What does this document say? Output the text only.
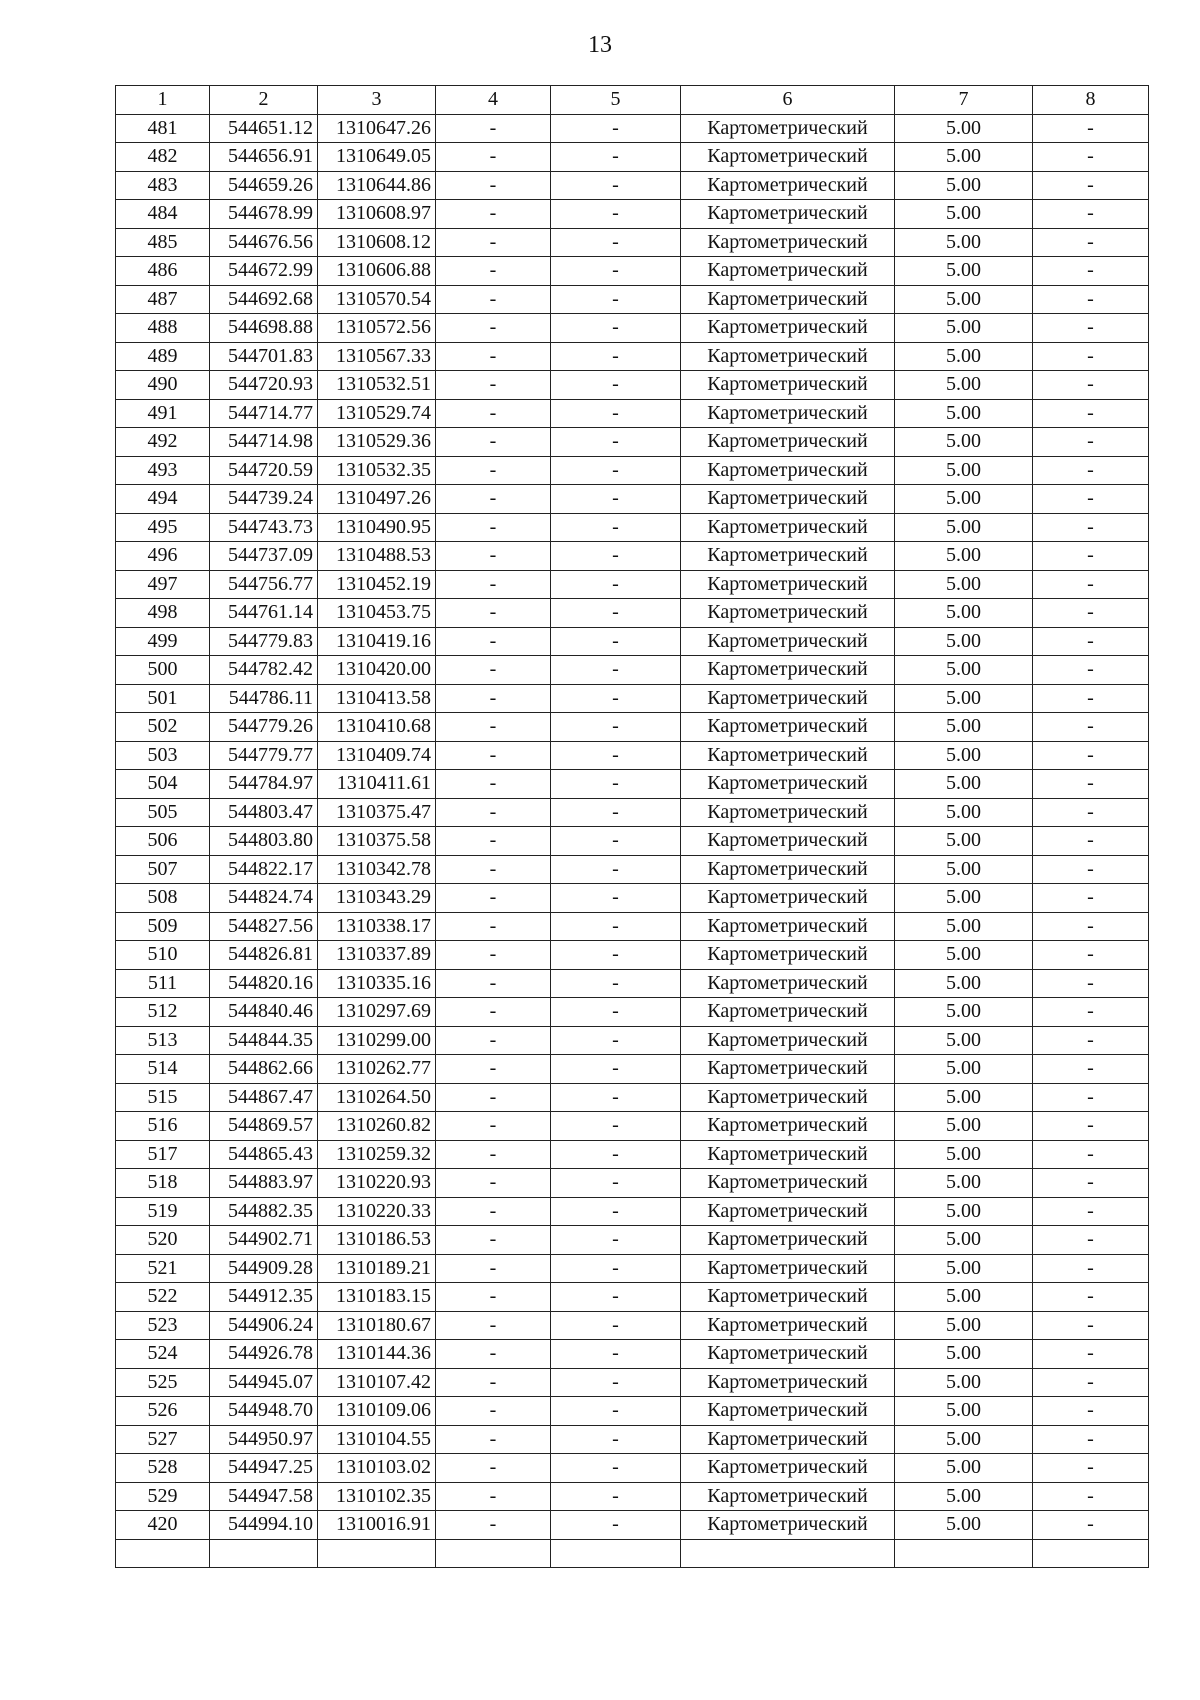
13
1	2	3	4	5	6	7	8
481	544651.12	1310647.26	-	-	Картометрический	5.00	-
482	544656.91	1310649.05	-	-	Картометрический	5.00	-
483	544659.26	1310644.86	-	-	Картометрический	5.00	-
484	544678.99	1310608.97	-	-	Картометрический	5.00	-
485	544676.56	1310608.12	-	-	Картометрический	5.00	-
486	544672.99	1310606.88	-	-	Картометрический	5.00	-
487	544692.68	1310570.54	-	-	Картометрический	5.00	-
488	544698.88	1310572.56	-	-	Картометрический	5.00	-
489	544701.83	1310567.33	-	-	Картометрический	5.00	-
490	544720.93	1310532.51	-	-	Картометрический	5.00	-
491	544714.77	1310529.74	-	-	Картометрический	5.00	-
492	544714.98	1310529.36	-	-	Картометрический	5.00	-
493	544720.59	1310532.35	-	-	Картометрический	5.00	-
494	544739.24	1310497.26	-	-	Картометрический	5.00	-
495	544743.73	1310490.95	-	-	Картометрический	5.00	-
496	544737.09	1310488.53	-	-	Картометрический	5.00	-
497	544756.77	1310452.19	-	-	Картометрический	5.00	-
498	544761.14	1310453.75	-	-	Картометрический	5.00	-
499	544779.83	1310419.16	-	-	Картометрический	5.00	-
500	544782.42	1310420.00	-	-	Картометрический	5.00	-
501	544786.11	1310413.58	-	-	Картометрический	5.00	-
502	544779.26	1310410.68	-	-	Картометрический	5.00	-
503	544779.77	1310409.74	-	-	Картометрический	5.00	-
504	544784.97	1310411.61	-	-	Картометрический	5.00	-
505	544803.47	1310375.47	-	-	Картометрический	5.00	-
506	544803.80	1310375.58	-	-	Картометрический	5.00	-
507	544822.17	1310342.78	-	-	Картометрический	5.00	-
508	544824.74	1310343.29	-	-	Картометрический	5.00	-
509	544827.56	1310338.17	-	-	Картометрический	5.00	-
510	544826.81	1310337.89	-	-	Картометрический	5.00	-
511	544820.16	1310335.16	-	-	Картометрический	5.00	-
512	544840.46	1310297.69	-	-	Картометрический	5.00	-
513	544844.35	1310299.00	-	-	Картометрический	5.00	-
514	544862.66	1310262.77	-	-	Картометрический	5.00	-
515	544867.47	1310264.50	-	-	Картометрический	5.00	-
516	544869.57	1310260.82	-	-	Картометрический	5.00	-
517	544865.43	1310259.32	-	-	Картометрический	5.00	-
518	544883.97	1310220.93	-	-	Картометрический	5.00	-
519	544882.35	1310220.33	-	-	Картометрический	5.00	-
520	544902.71	1310186.53	-	-	Картометрический	5.00	-
521	544909.28	1310189.21	-	-	Картометрический	5.00	-
522	544912.35	1310183.15	-	-	Картометрический	5.00	-
523	544906.24	1310180.67	-	-	Картометрический	5.00	-
524	544926.78	1310144.36	-	-	Картометрический	5.00	-
525	544945.07	1310107.42	-	-	Картометрический	5.00	-
526	544948.70	1310109.06	-	-	Картометрический	5.00	-
527	544950.97	1310104.55	-	-	Картометрический	5.00	-
528	544947.25	1310103.02	-	-	Картометрический	5.00	-
529	544947.58	1310102.35	-	-	Картометрический	5.00	-
420	544994.10	1310016.91	-	-	Картометрический	5.00	-
